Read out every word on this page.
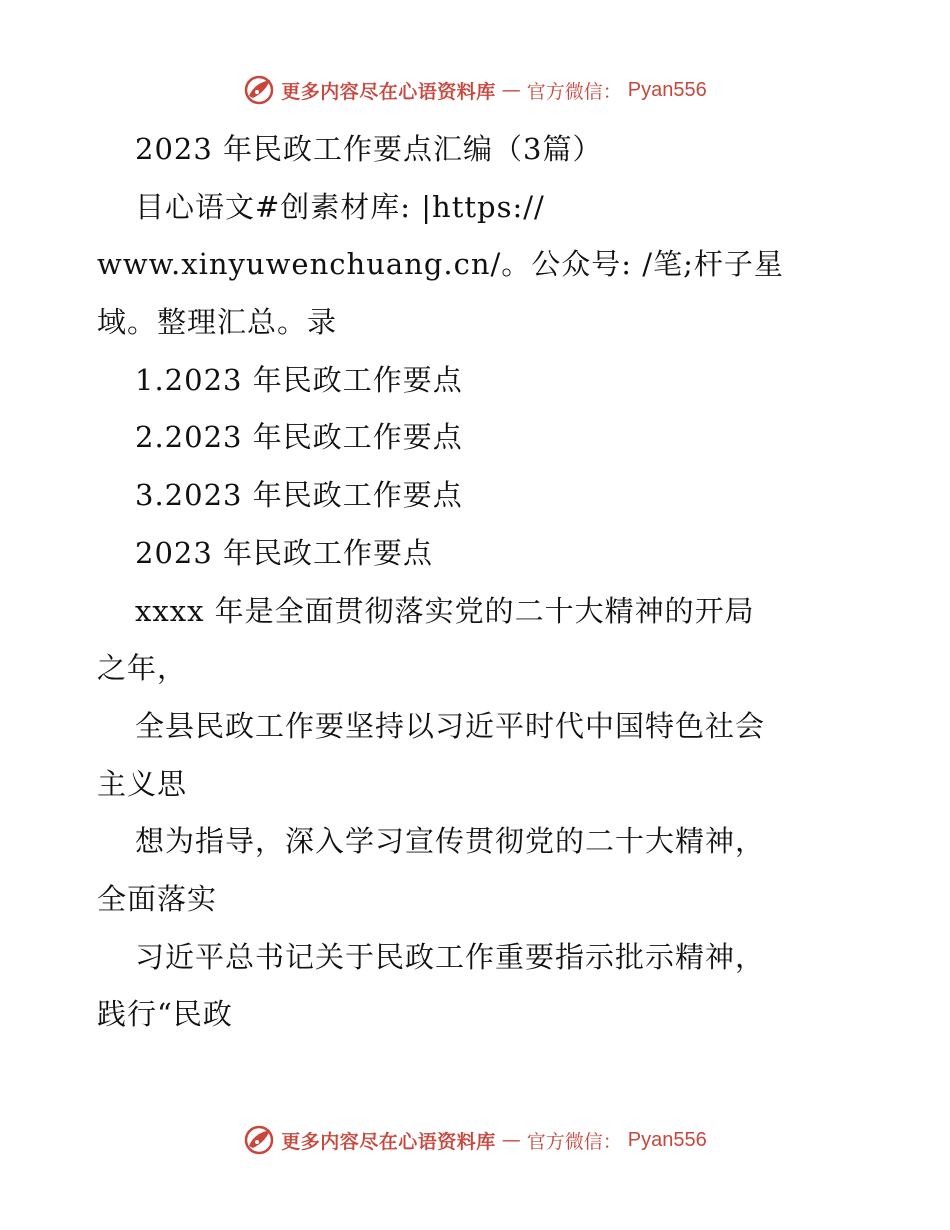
更多内容尽在心语资料库 — 官方微信： Pyan556
2023 年民政工作要点汇编（3篇）
目心语文#创素材库: |https://
www.xinyuwenchuang.cn/。公众号: /笔;杆子星
域。整理汇总。录
1.2023 年民政工作要点
2.2023 年民政工作要点
3.2023 年民政工作要点
2023 年民政工作要点
xxxx 年是全面贯彻落实党的二十大精神的开局
之年，
全县民政工作要坚持以习近平时代中国特色社会
主义思
想为指导，深入学习宣传贯彻党的二十大精神，
全面落实
习近平总书记关于民政工作重要指示批示精神，
践行“民政
更多内容尽在心语资料库 — 官方微信： Pyan556
